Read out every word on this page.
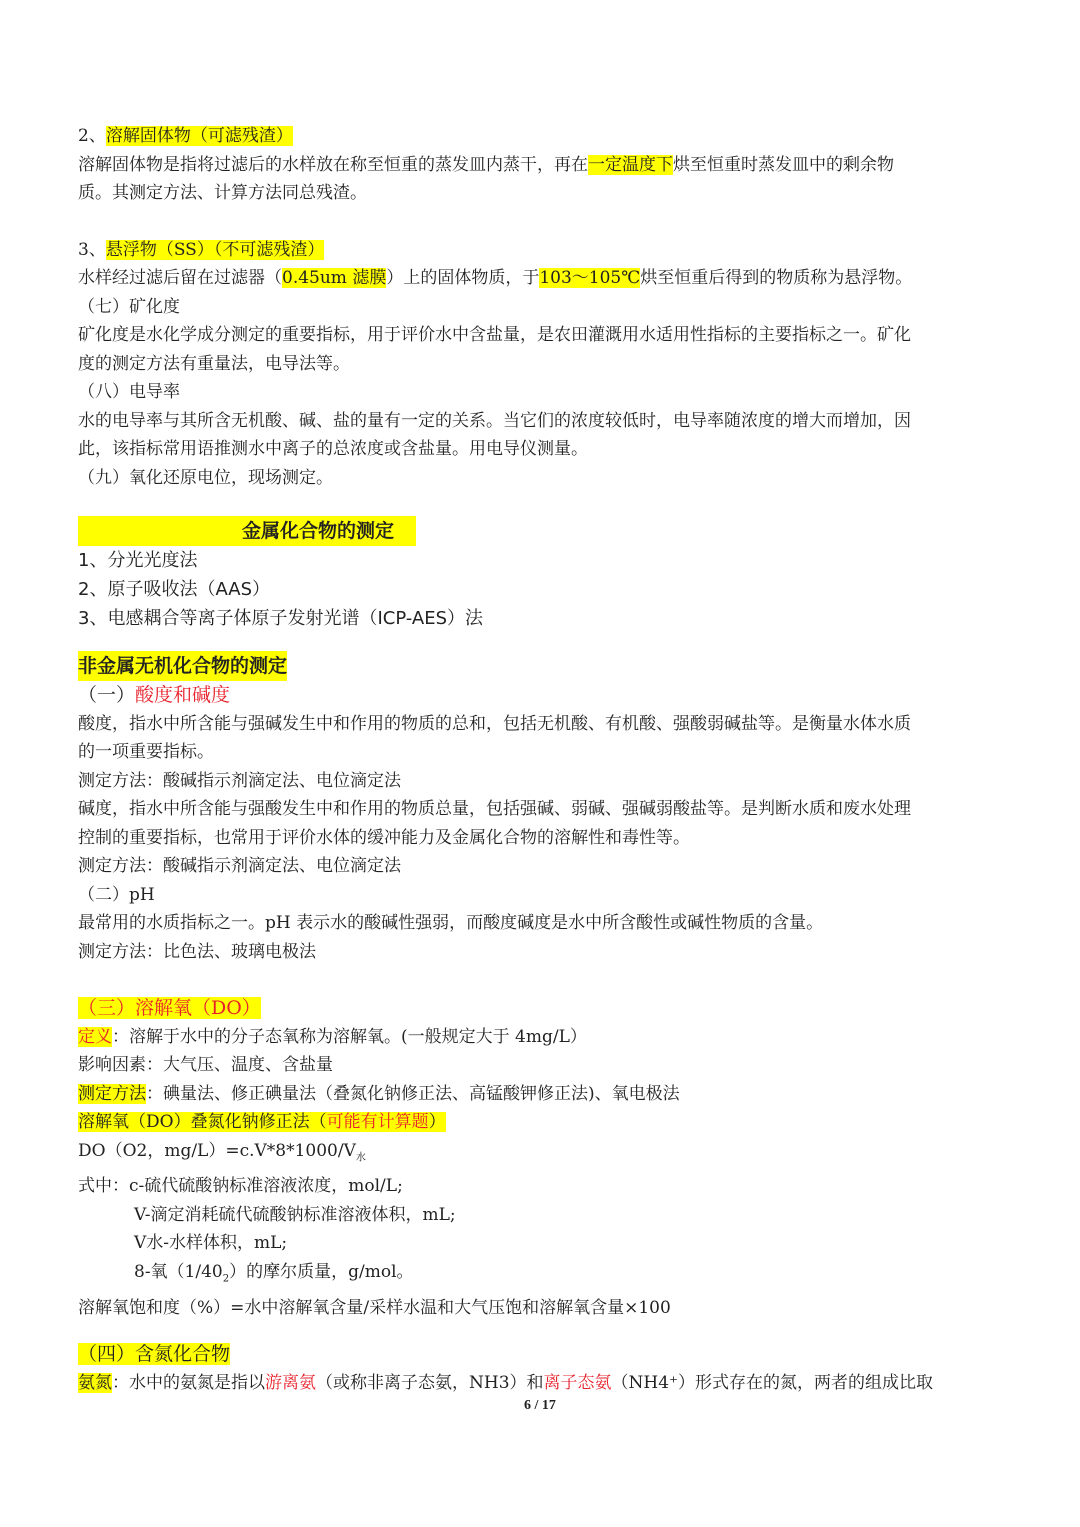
2、溶解固体物（可滤残渣）
溶解固体物是指将过滤后的水样放在称至恒重的蒸发皿内蒸干，再在一定温度下烘至恒重时蒸发皿中的剩余物
质。其测定方法、计算方法同总残渣。
3、悬浮物（SS）（不可滤残渣）
水样经过滤后留在过滤器（0.45um 滤膜）上的固体物质，于103～105℃烘至恒重后得到的物质称为悬浮物。
（七）矿化度
矿化度是水化学成分测定的重要指标，用于评价水中含盐量，是农田灌溉用水适用性指标的主要指标之一。矿化
度的测定方法有重量法，电导法等。
（八）电导率
水的电导率与其所含无机酸、碱、盐的量有一定的关系。当它们的浓度较低时，电导率随浓度的增大而增加，因
此，该指标常用语推测水中离子的总浓度或含盐量。用电导仪测量。
（九）氧化还原电位，现场测定。
金属化合物的测定
1、分光光度法
2、原子吸收法（AAS）
3、电感耦合等离子体原子发射光谱（ICP-AES）法
非金属无机化合物的测定
（一）酸度和碱度
酸度，指水中所含能与强碱发生中和作用的物质的总和，包括无机酸、有机酸、强酸弱碱盐等。是衡量水体水质
的一项重要指标。
测定方法：酸碱指示剂滴定法、电位滴定法
碱度，指水中所含能与强酸发生中和作用的物质总量，包括强碱、弱碱、强碱弱酸盐等。是判断水质和废水处理
控制的重要指标，也常用于评价水体的缓冲能力及金属化合物的溶解性和毒性等。
测定方法：酸碱指示剂滴定法、电位滴定法
（二）pH
最常用的水质指标之一。pH 表示水的酸碱性强弱，而酸度碱度是水中所含酸性或碱性物质的含量。
测定方法：比色法、玻璃电极法
（三）溶解氧（DO）
定义：溶解于水中的分子态氧称为溶解氧。(一般规定大于 4mg/L）
影响因素：大气压、温度、含盐量
测定方法：碘量法、修正碘量法（叠氮化钠修正法、高锰酸钾修正法)、氧电极法
溶解氧（DO）叠氮化钠修正法（可能有计算题）
DO（O2，$mg/L)=c.V*8*1000/V_水$
式中：c-硫代硫酸钠标准溶液浓度，mol/L;
V-滴定消耗硫代硫酸钠标准溶液体积，mL;
V水-水样体积，mL;
8-氧$(1/40_2)$的摩尔质量，g/mol。
溶解氧饱和度（%）=水中溶解氧含量/采样水温和大气压饱和溶解氧含量×100
（四）含氮化合物
氨氮：水中的氨氮是指以游离氨（或称非离子态氨，NH3）和离子态氨（NH4⁺）形式存在的氮，两者的组成比取
6 / 17
